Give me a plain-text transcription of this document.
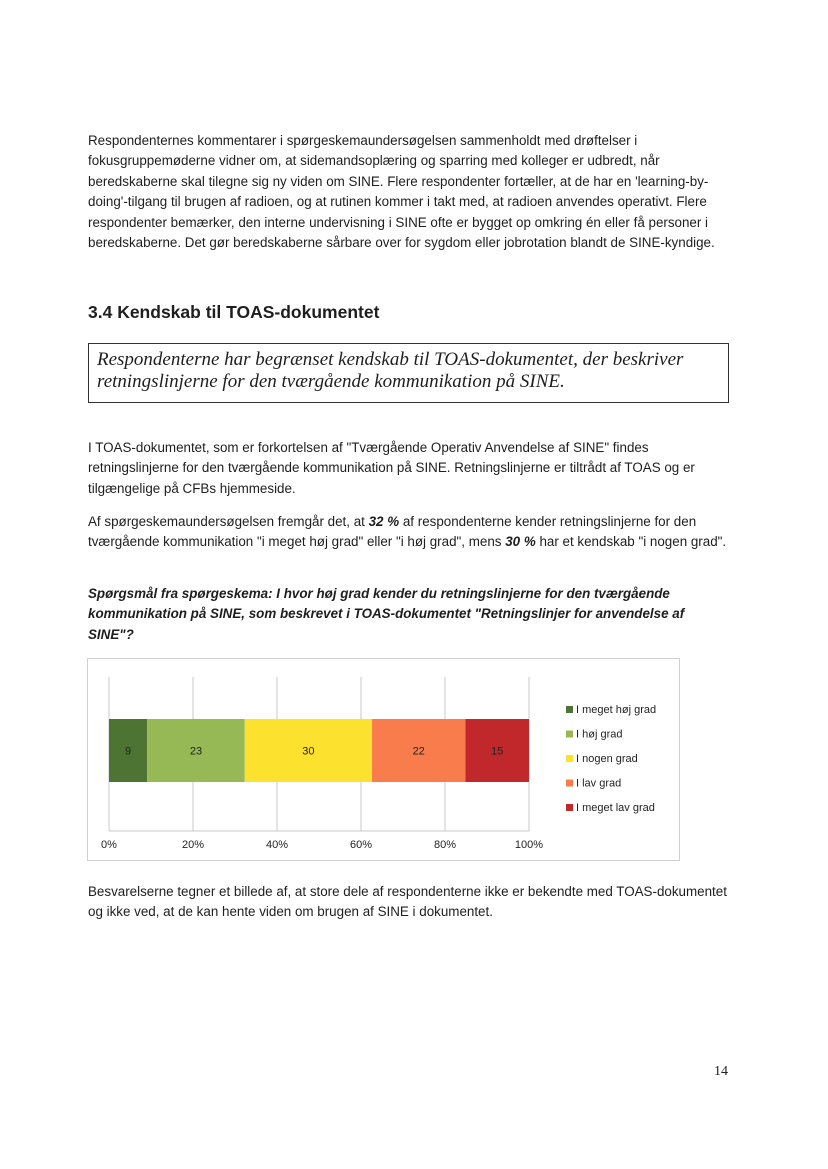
Respondenternes kommentarer i spørgeskemaundersøgelsen sammenholdt med drøftelser i fokusgruppemøderne vidner om, at sidemandsoplæring og sparring med kolleger er udbredt, når beredskaberne skal tilegne sig ny viden om SINE. Flere respondenter fortæller, at de har en 'learning-by-doing'-tilgang til brugen af radioen, og at rutinen kommer i takt med, at radioen anvendes operativt. Flere respondenter bemærker, den interne undervisning i SINE ofte er bygget op omkring én eller få personer i beredskaberne. Det gør beredskaberne sårbare over for sygdom eller jobrotation blandt de SINE-kyndige.

3.4 Kendskab til TOAS-dokumentet

Respondenterne har begrænset kendskab til TOAS-dokumentet, der beskriver retningslinjerne for den tværgående kommunikation på SINE.

I TOAS-dokumentet, som er forkortelsen af "Tværgående Operativ Anvendelse af SINE" findes retningslinjerne for den tværgående kommunikation på SINE. Retningslinjerne er tiltrådt af TOAS og er tilgængelige på CFBs hjemmeside.

Af spørgeskemaundersøgelsen fremgår det, at 32 % af respondenterne kender retningslinjerne for den tværgående kommunikation "i meget høj grad" eller "i høj grad", mens 30 % har et kendskab "i nogen grad".

Spørgsmål fra spørgeskema: I hvor høj grad kender du retningslinjerne for den tværgående kommunikation på SINE, som beskrevet i TOAS-dokumentet "Retningslinjer for anvendelse af SINE"?

0%	20%	40%	60%	80%	100%
9	23	30	22	15
I meget høj grad
I høj grad
I nogen grad
I lav grad
I meget lav grad

Besvarelserne tegner et billede af, at store dele af respondenterne ikke er bekendte med TOAS-dokumentet og ikke ved, at de kan hente viden om brugen af SINE i dokumentet.

14
